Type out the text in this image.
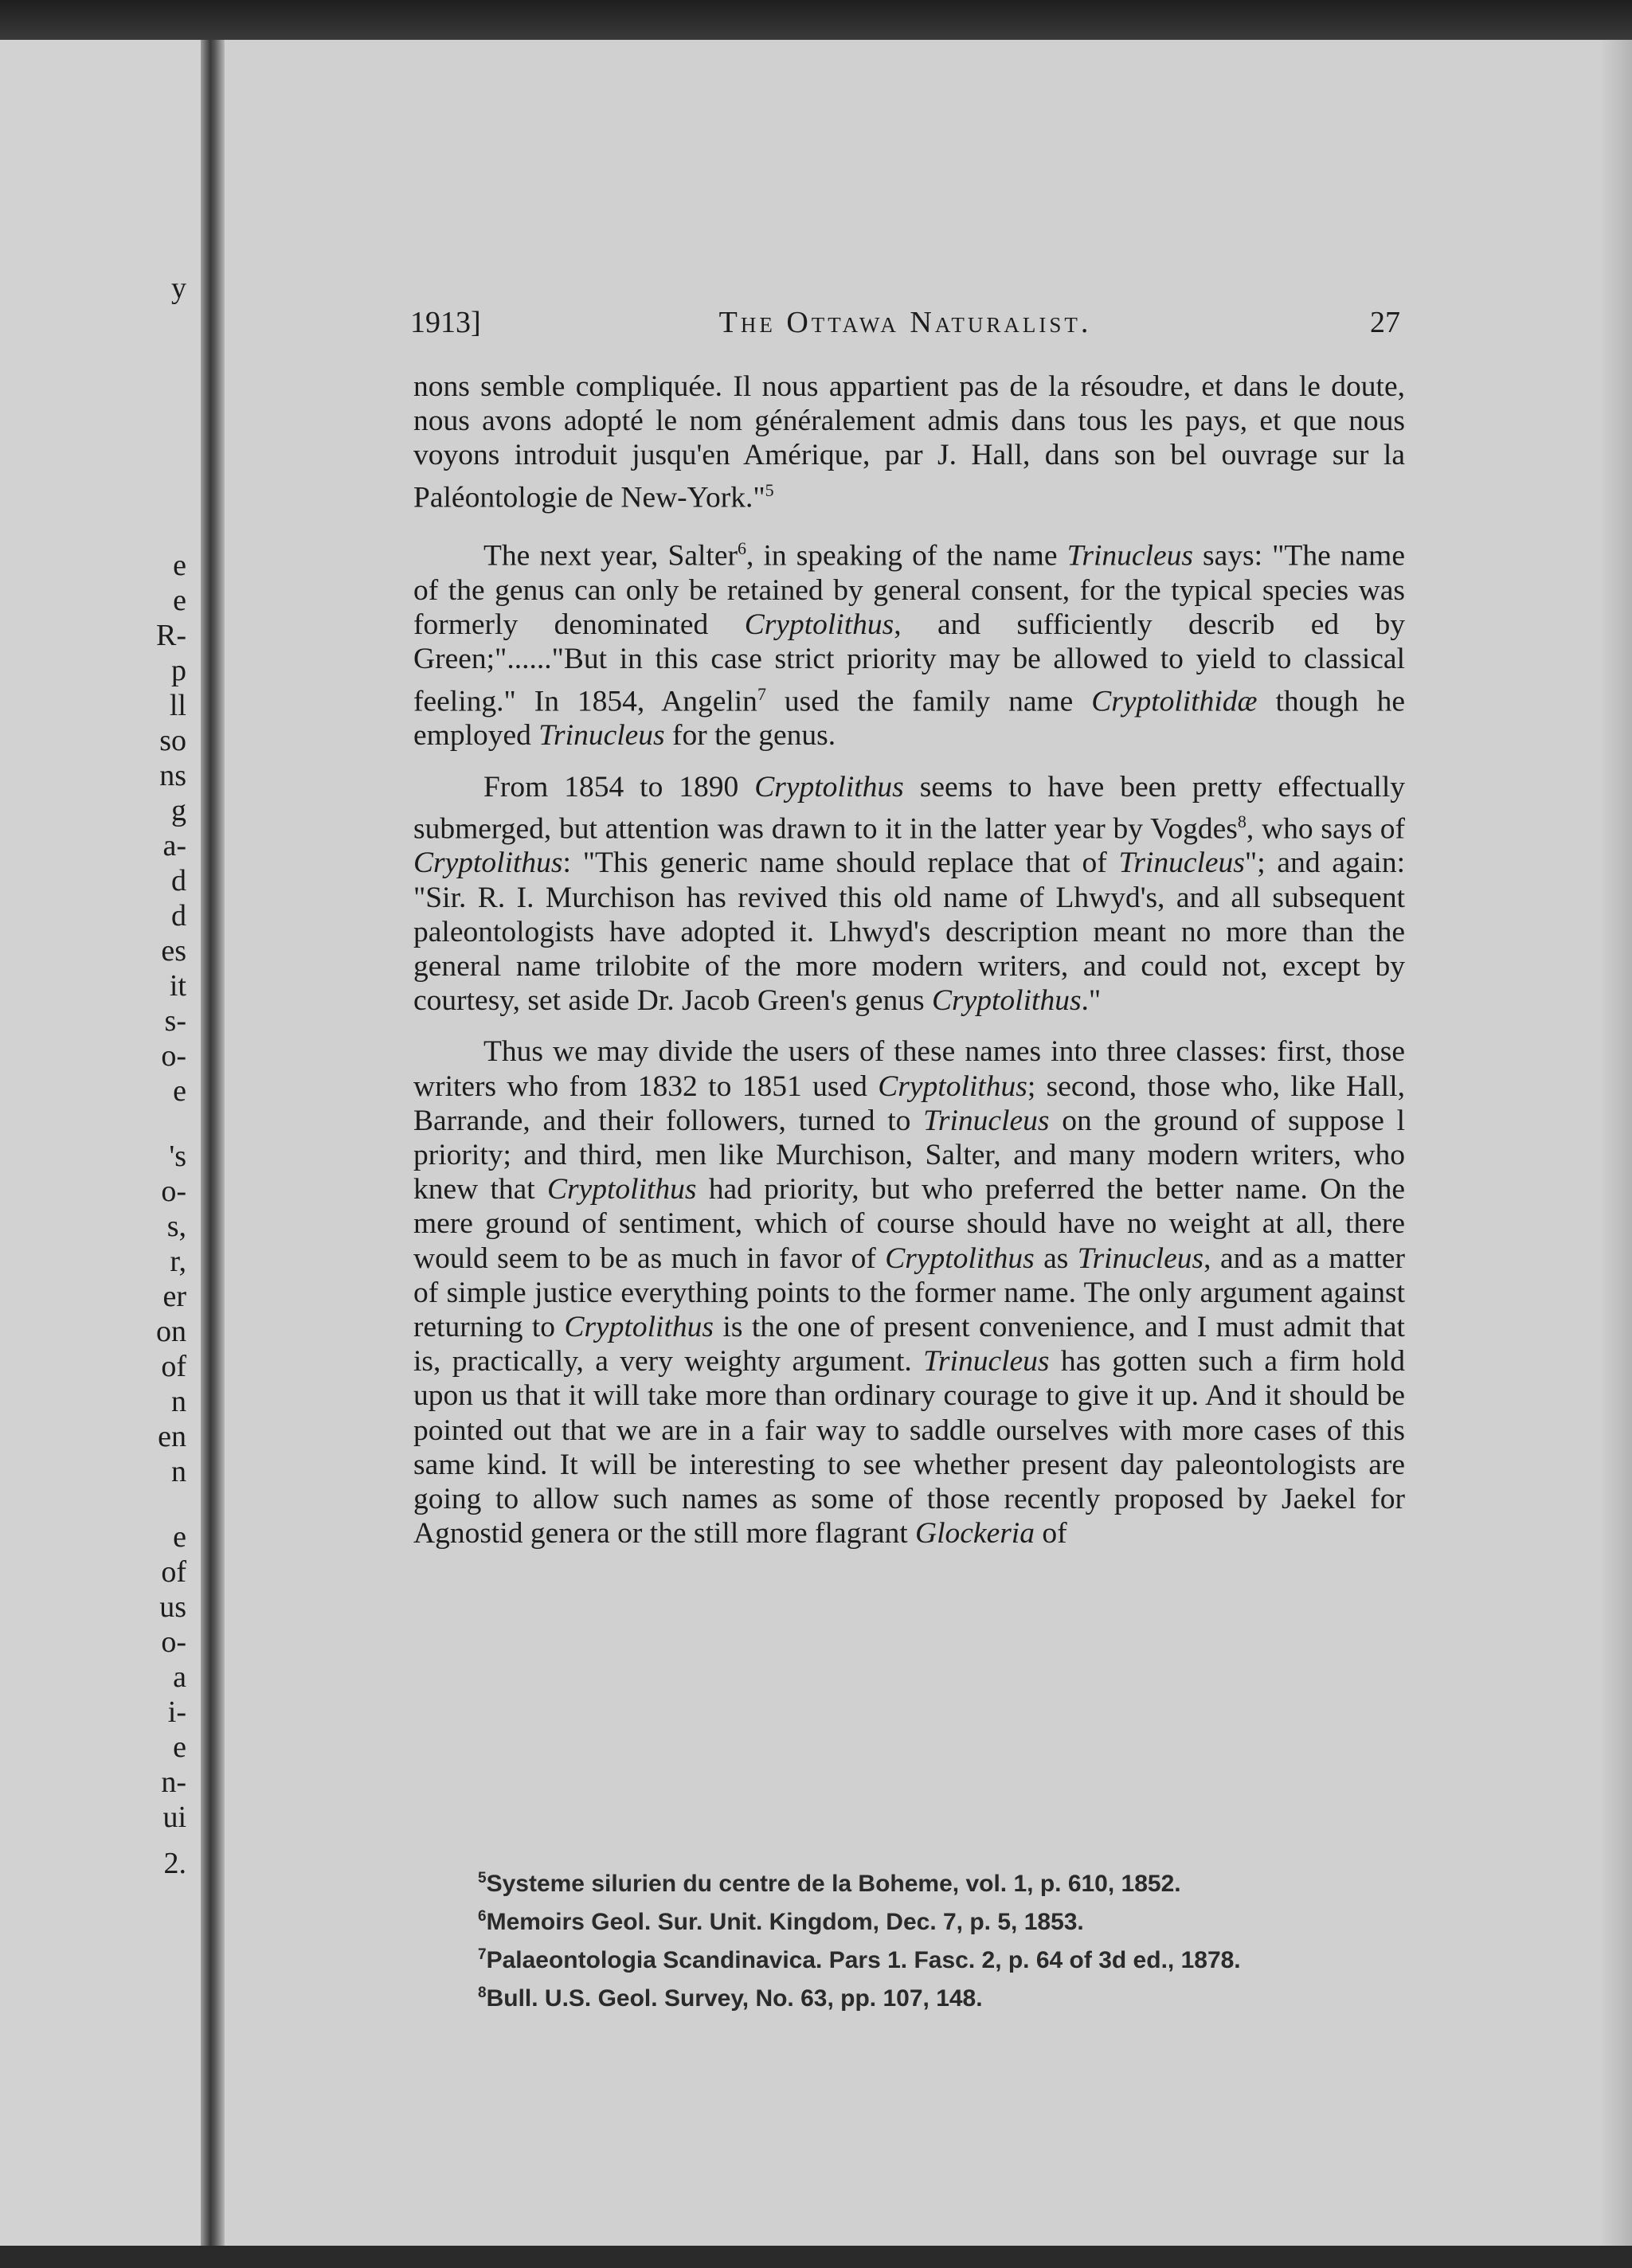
y
e
e
R-
p
ll
so
ns
g
a-
d
d
es
it
s-
o-
e
's
o-
s,
r,
er
on
of
n
en
n
e
of
us
o-
a
i-
e
n-
ui
2.
1913]	The Ottawa Naturalist.	27

nons semble compliquée. Il nous appartient pas de la résoudre, et dans le doute, nous avons adopté le nom généralement admis dans tous les pays, et que nous voyons introduit jusqu'en Amérique, par J. Hall, dans son bel ouvrage sur la Paléontologie de New-York."$^5$

The next year, Salter$^6$, in speaking of the name Trinucleus says: "The name of the genus can only be retained by general consent, for the typical species was formerly denominated Cryptolithus, and sufficiently describ ed by Green;"......"But in this case strict priority may be allowed to yield to classical feeling." In 1854, Angelin$^7$ used the family name Cryptolithidæ though he employed Trinucleus for the genus.

From 1854 to 1890 Cryptolithus seems to have been pretty effectually submerged, but attention was drawn to it in the latter year by Vogdes$^8$, who says of Cryptolithus: "This generic name should replace that of Trinucleus"; and again: "Sir. R. I. Murchison has revived this old name of Lhwyd's, and all subsequent paleontologists have adopted it. Lhwyd's description meant no more than the general name trilobite of the more modern writers, and could not, except by courtesy, set aside Dr. Jacob Green's genus Cryptolithus."

Thus we may divide the users of these names into three classes: first, those writers who from 1832 to 1851 used Cryptolithus; second, those who, like Hall, Barrande, and their followers, turned to Trinucleus on the ground of suppose l priority; and third, men like Murchison, Salter, and many modern writers, who knew that Cryptolithus had priority, but who preferred the better name. On the mere ground of sentiment, which of course should have no weight at all, there would seem to be as much in favor of Cryptolithus as Trinucleus, and as a matter of simple justice everything points to the former name. The only argument against returning to Cryptolithus is the one of present convenience, and I must admit that is, practically, a very weighty argument. Trinucleus has gotten such a firm hold upon us that it will take more than ordinary courage to give it up. And it should be pointed out that we are in a fair way to saddle ourselves with more cases of this same kind. It will be interesting to see whether present day paleontologists are going to allow such names as some of those recently proposed by Jaekel for Agnostid genera or the still more flagrant Glockeria of

$^5$Systeme silurien du centre de la Boheme, vol. 1, p. 610, 1852.
$^6$Memoirs Geol. Sur. Unit. Kingdom, Dec. 7, p. 5, 1853.
$^7$Palaeontologia Scandinavica. Pars 1. Fasc. 2, p. 64 of 3d ed., 1878.
$^8$Bull. U.S. Geol. Survey, No. 63, pp. 107, 148.
